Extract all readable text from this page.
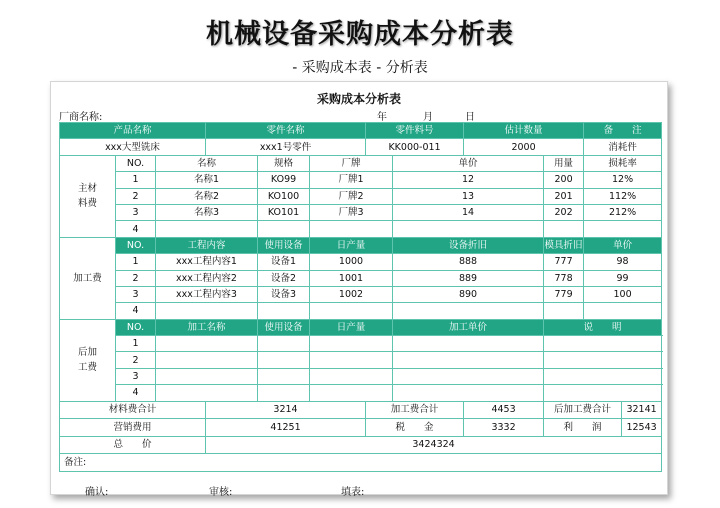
机械设备采购成本分析表
- 采购成本表 - 分析表
采购成本分析表
厂商名称:	年	月	日
产品名称			零件名称			零件料号		估计数量		备　　注		
xxx大型铣床			xxx1号零件			KK000-011		2000		消耗件		
主材
料费	NO.	名称		规格	厂牌		单价		用量	损耗率	
	1	名称1		KO99	厂牌1		12		200	12%	
	2	名称2		KO100	厂牌2		13		201	112%	
	3	名称3		KO101	厂牌3		14		202	212%	
	4											
加工费	NO.	工程内容		使用设备	日产量		设备折旧		模具折旧	单价	
	1	xxx工程内容1		设备1	1000		888		777	98	
	2	xxx工程内容2		设备2	1001		889		778	99	
	3	xxx工程内容3		设备3	1002		890		779	100	
	4											
后加
工费	NO.	加工名称		使用设备	日产量		加工单价		说　　明			
	1											
	2											
	3											
	4											
材料费合计			3214			加工费合计		4453	后加工费合计		32141	
营销费用			41251			税　　金		3332	利　　润		12543	
总　　价			3424324									
备注:												
确认:	审核:	填表:
